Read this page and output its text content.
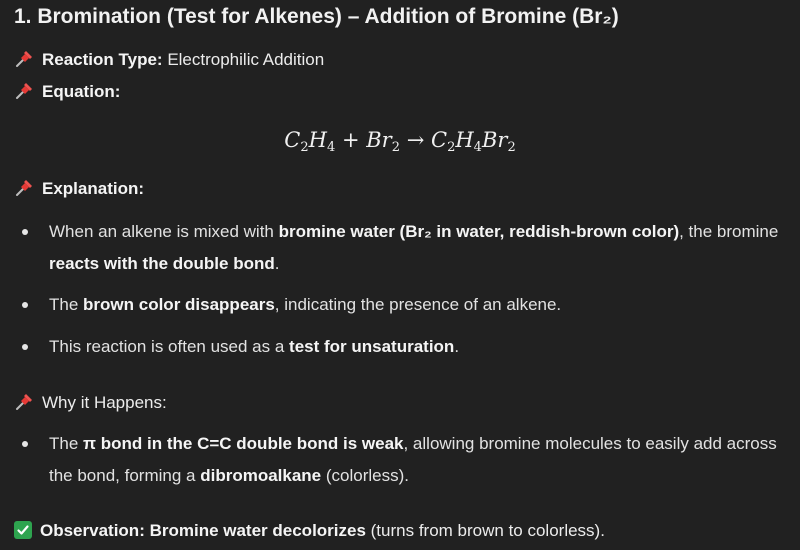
1. Bromination (Test for Alkenes) – Addition of Bromine (Br₂)
Reaction Type: Electrophilic Addition
Equation:
$C_2H_4 + Br_2 \to C_2H_4Br_2$
Explanation:
When an alkene is mixed with bromine water (Br₂ in water, reddish-brown color), the bromine reacts with the double bond.
The brown color disappears, indicating the presence of an alkene.
This reaction is often used as a test for unsaturation.
Why it Happens:
The π bond in the C=C double bond is weak, allowing bromine molecules to easily add across the bond, forming a dibromoalkane (colorless).
Observation: Bromine water decolorizes (turns from brown to colorless).
